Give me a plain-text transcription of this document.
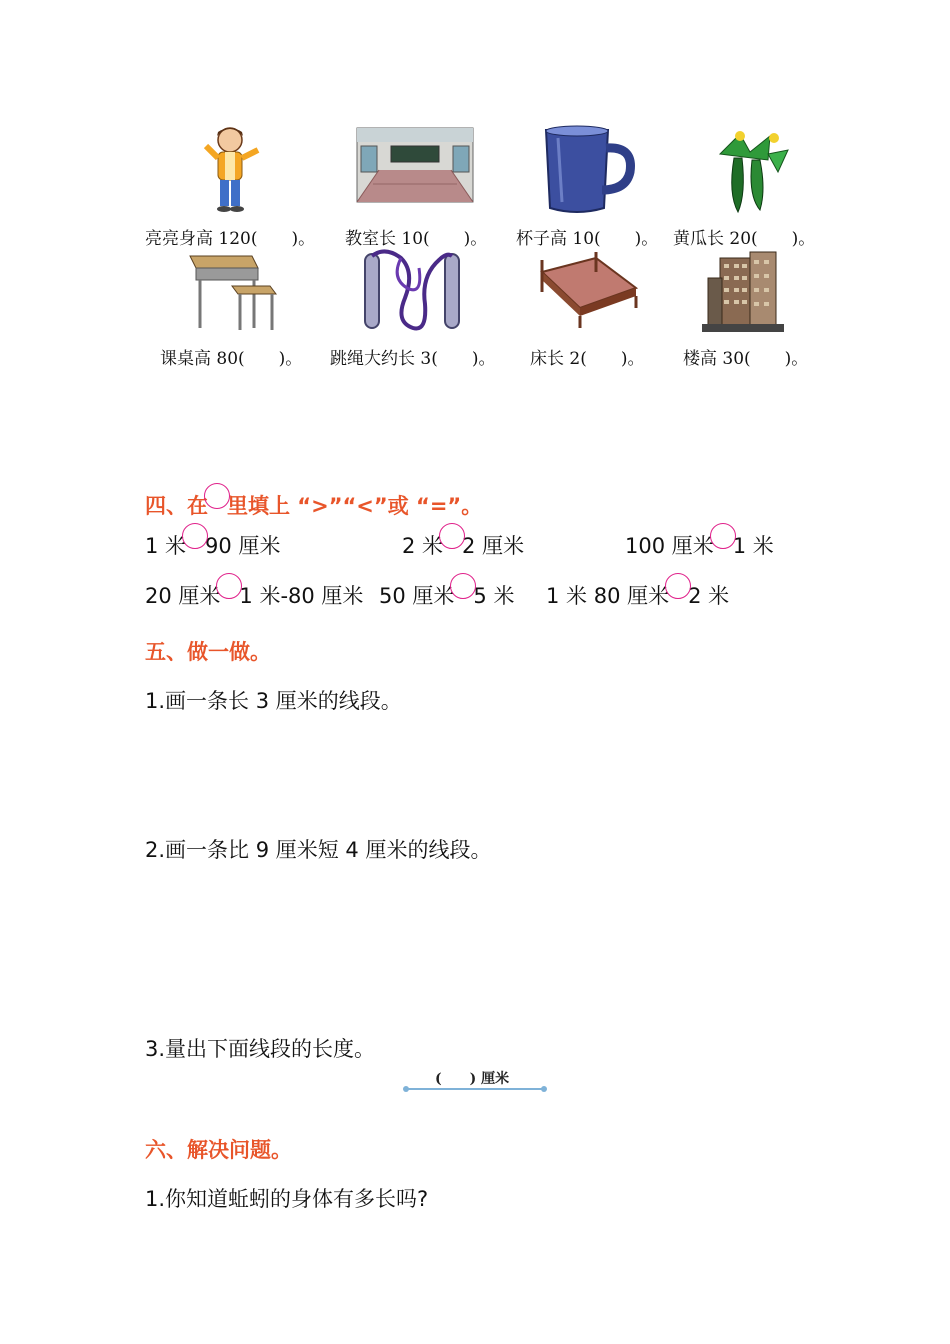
亮亮身高 120(　　)。 教室长 10(　　)。 杯子高 10(　　)。 黄瓜长 20(　　)。
课桌高 80(　　)。 跳绳大约长 3(　　)。 床长 2(　　)。 楼高 30(　　)。
四、在 里填上 “>”“<”或 “=”。
1 米 90 厘米	2 米 2 厘米	100 厘米 1 米
20 厘米 1 米-80 厘米 50 厘米 5 米 1 米 80 厘米 2 米
五、做一做。
1.画一条长 3 厘米的线段。
2.画一条比 9 厘米短 4 厘米的线段。
3.量出下面线段的长度。
(　　) 厘米
六、解决问题。
1.你知道蚯蚓的身体有多长吗?
